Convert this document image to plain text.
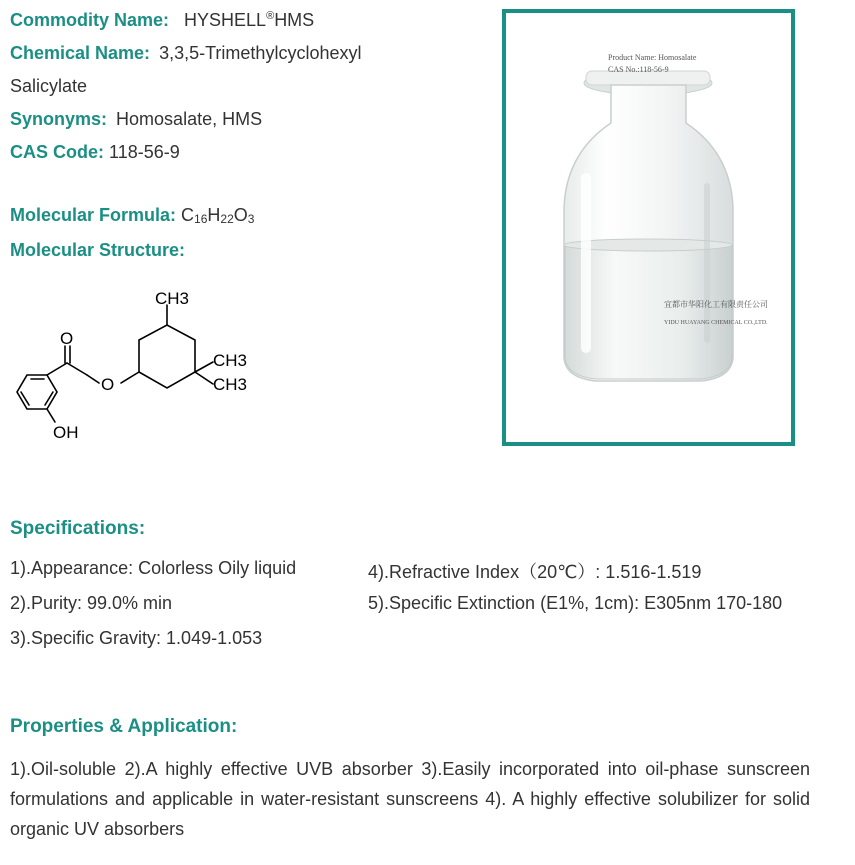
Commodity Name: HYSHELL®HMS
Chemical Name: 3,3,5-Trimethylcyclohexyl
Salicylate
Synonyms: Homosalate, HMS
CAS Code: 118-56-9
Molecular Formula: $C_{16}H_{22}O_3$
Molecular Structure:
O
O
CH3
CH3
CH3
OH
Product Name: Homosalate
CAS No.:118-56-9
宜都市华阳化工有限责任公司
YIDU HUAYANG CHEMICAL CO.,LTD.
Specifications:
1).Appearance: Colorless Oily liquid
2).Purity: 99.0% min
3).Specific Gravity: 1.049-1.053
4).Refractive Index（20℃）: 1.516-1.519
5).Specific Extinction (E1%, 1cm): E305nm 170-180
Properties & Application:
1).Oil-soluble 2).A highly effective UVB absorber 3).Easily incorporated into oil-phase sunscreen formulations and applicable in water-resistant sunscreens 4). A highly effective solubilizer for solid organic UV absorbers
